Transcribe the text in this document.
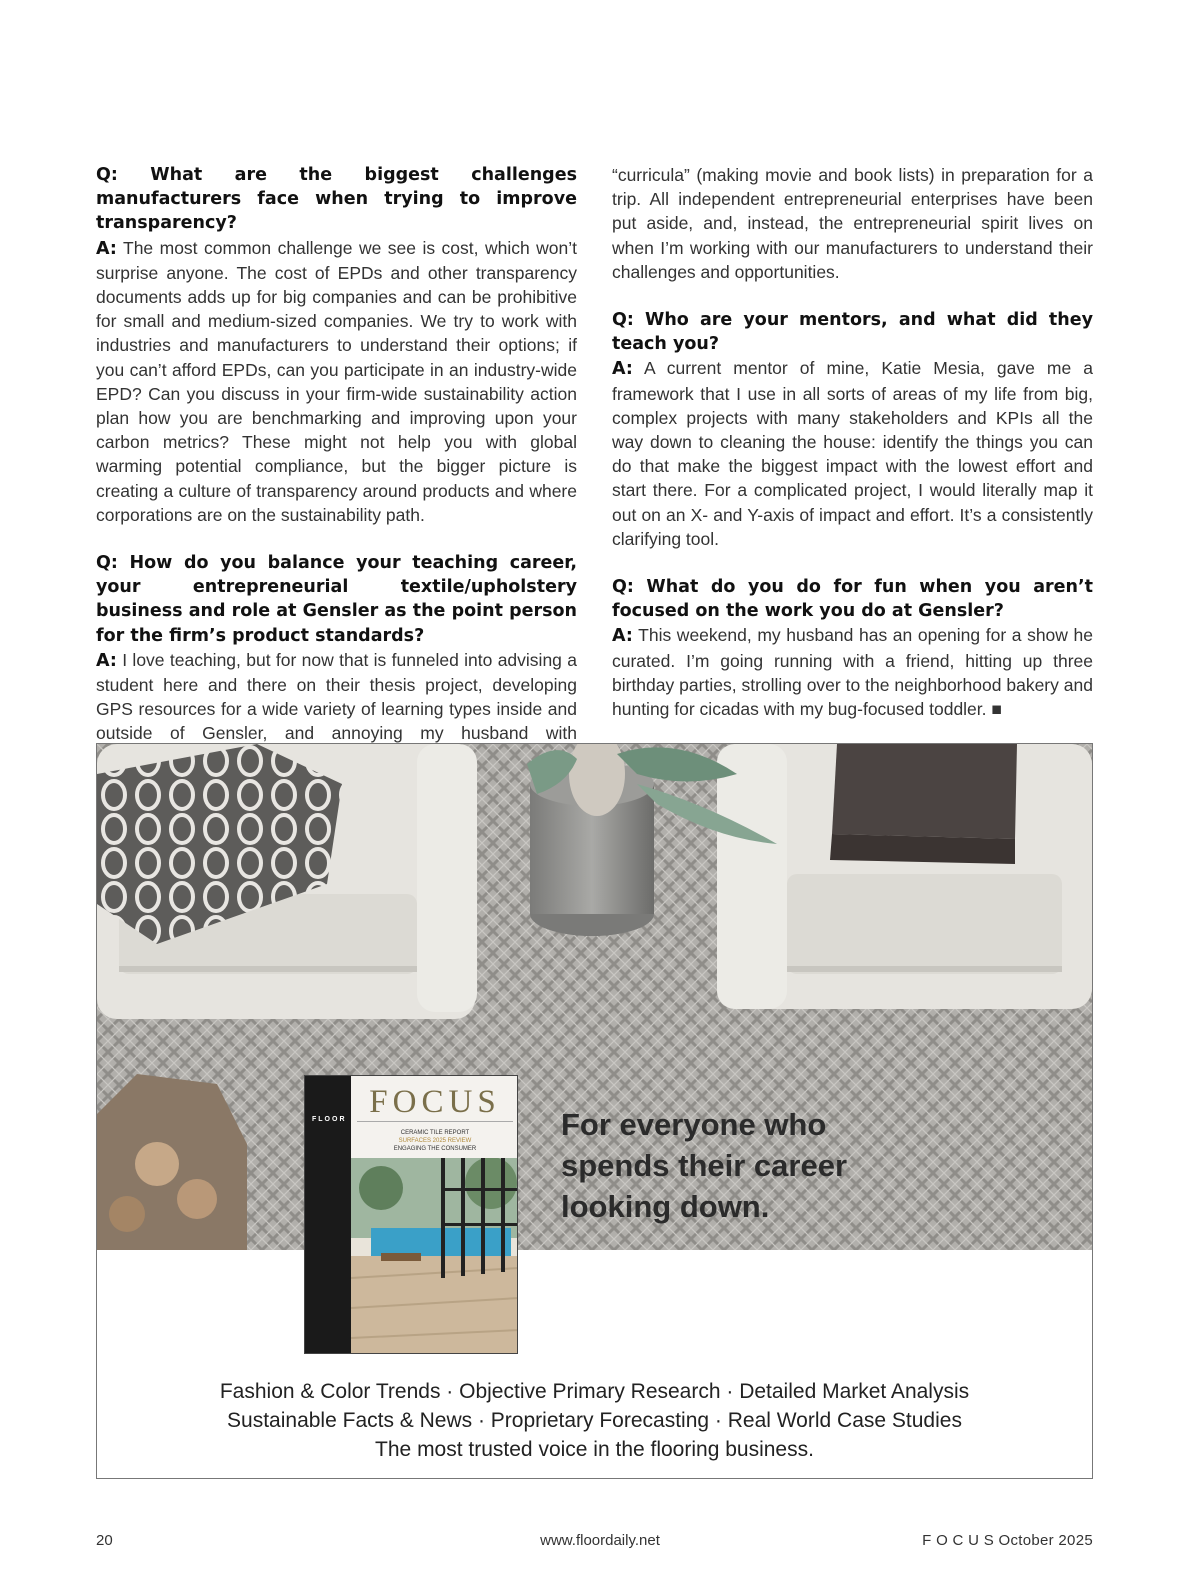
Q: What are the biggest challenges manufacturers face when trying to improve transparency?

A: The most common challenge we see is cost, which won’t surprise anyone. The cost of EPDs and other transparency documents adds up for big companies and can be prohibitive for small and medium-sized companies. We try to work with industries and manufacturers to understand their options; if you can’t afford EPDs, can you participate in an industry-wide EPD? Can you discuss in your firm-wide sustainability action plan how you are benchmarking and improving upon your carbon metrics? These might not help you with global warming potential compliance, but the bigger picture is creating a culture of transparency around products and where corporations are on the sustainability path.

Q: How do you balance your teaching career, your entrepreneurial textile/upholstery business and role at Gensler as the point person for the firm’s product standards?

A: I love teaching, but for now that is funneled into advising a student here and there on their thesis project, developing GPS resources for a wide variety of learning types inside and outside of Gensler, and annoying my husband with

“curricula” (making movie and book lists) in preparation for a trip. All independent entrepreneurial enterprises have been put aside, and, instead, the entrepreneurial spirit lives on when I’m working with our manufacturers to understand their challenges and opportunities.

Q: Who are your mentors, and what did they teach you?

A: A current mentor of mine, Katie Mesia, gave me a framework that I use in all sorts of areas of my life from big, complex projects with many stakeholders and KPIs all the way down to cleaning the house: identify the things you can do that make the biggest impact with the lowest effort and start there. For a complicated project, I would literally map it out on an X- and Y-axis of impact and effort. It’s a consistently clarifying tool.

Q: What do you do for fun when you aren’t focused on the work you do at Gensler?

A: This weekend, my husband has an opening for a show he curated. I’m going running with a friend, hitting up three birthday parties, strolling over to the neighborhood bakery and hunting for cicadas with my bug-focused toddler. ■

FLOOR FOCUS
CERAMIC TILE REPORT
SURFACES 2025 REVIEW
ENGAGING THE CONSUMER
For everyone who spends their career looking down.
Fashion & Color Trends · Objective Primary Research · Detailed Market Analysis
Sustainable Facts & News · Proprietary Forecasting · Real World Case Studies
The most trusted voice in the flooring business.
20	www.floordaily.net	F O C U S October 2025
